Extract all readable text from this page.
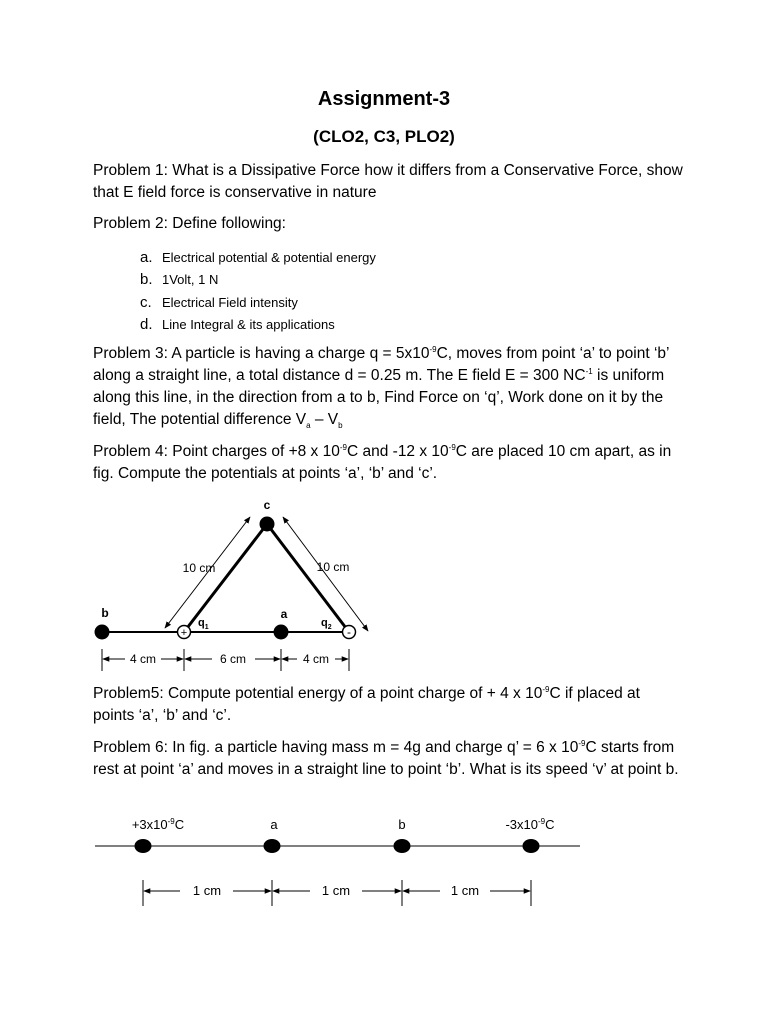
Assignment-3
(CLO2, C3, PLO2)
Problem 1: What is a Dissipative Force how it differs from a Conservative Force, show that E field force is conservative in nature
Problem 2: Define following:
a. Electrical potential & potential energy
b. 1Volt, 1 N
c. Electrical Field intensity
d. Line Integral & its applications
Problem 3: A particle is having a charge $q = 5x10^{-9}C$, moves from point ‘a’ to point ‘b’ along a straight line, a total distance d = 0.25 m. The E field E = 300 $NC^{-1}$ is uniform along this line, in the direction from a to b, Find Force on ‘q’, Work done on it by the field, The potential difference $V_a - V_b$
Problem 4: Point charges of +8 x $10^{-9}C$ and -12 x $10^{-9}C$ are placed 10 cm apart, as in fig. Compute the potentials at points ‘a’, ‘b’ and ‘c’.
+	-
c
b	a
$q_1$	$q_2$
10 cm	10 cm
4 cm	6 cm	4 cm
Problem5: Compute potential energy of a point charge of + 4 x $10^{-9}C$ if placed at points ‘a’, ‘b’ and ‘c’.
Problem 6: In fig. a particle having mass m = 4g and charge q’ = 6 x $10^{-9}C$ starts from rest at point ‘a’ and moves in a straight line to point ‘b’. What is its speed ‘v’ at point b.
$+3x10^{-9}C$	a	b	$-3x10^{-9}C$
1 cm	1 cm	1 cm
